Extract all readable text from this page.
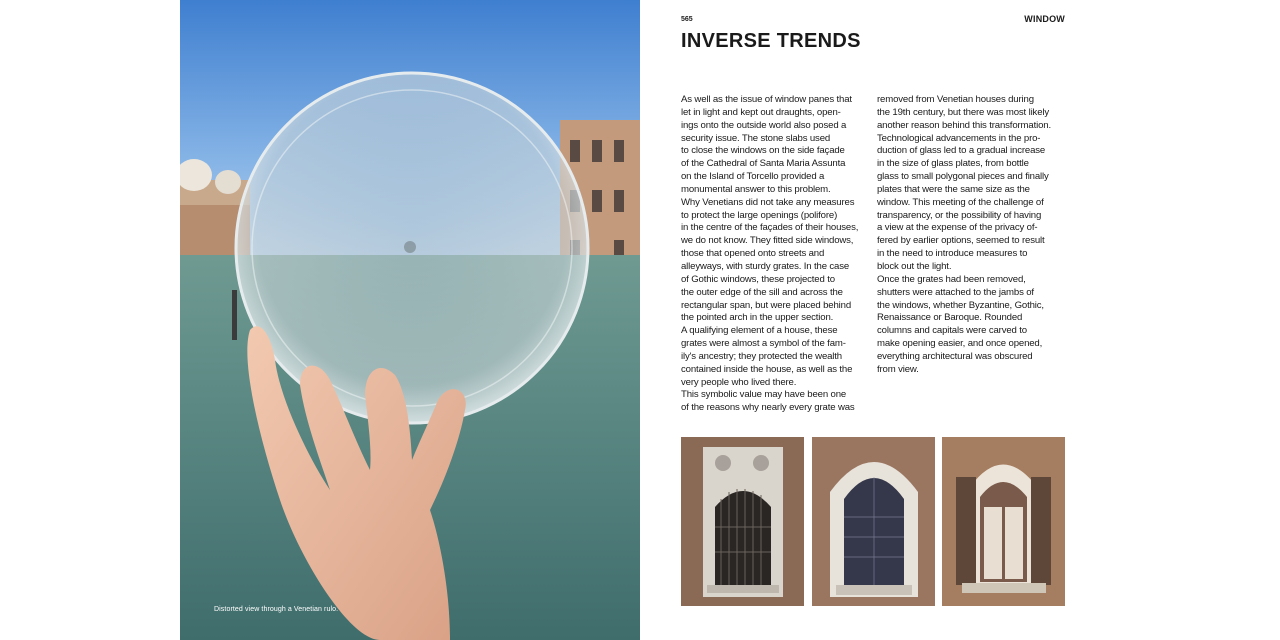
Distorted view through a Venetian rulo.
565	WINDOW
INVERSE TRENDS

As well as the issue of window panes that
let in light and kept out draughts, open-
ings onto the outside world also posed a
security issue. The stone slabs used
to close the windows on the side façade
of the Cathedral of Santa Maria Assunta
on the Island of Torcello provided a
monumental answer to this problem.
Why Venetians did not take any measures
to protect the large openings (polifore)
in the centre of the façades of their houses,
we do not know. They fitted side windows,
those that opened onto streets and
alleyways, with sturdy grates. In the case
of Gothic windows, these projected to
the outer edge of the sill and across the
rectangular span, but were placed behind
the pointed arch in the upper section.
A qualifying element of a house, these
grates were almost a symbol of the fam-
ily's ancestry; they protected the wealth
contained inside the house, as well as the
very people who lived there.
This symbolic value may have been one
of the reasons why nearly every grate was

removed from Venetian houses during
the 19th century, but there was most likely
another reason behind this transformation.
Technological advancements in the pro-
duction of glass led to a gradual increase
in the size of glass plates, from bottle
glass to small polygonal pieces and finally
plates that were the same size as the
window. This meeting of the challenge of
transparency, or the possibility of having
a view at the expense of the privacy of-
fered by earlier options, seemed to result
in the need to introduce measures to
block out the light.
Once the grates had been removed,
shutters were attached to the jambs of
the windows, whether Byzantine, Gothic,
Renaissance or Baroque. Rounded
columns and capitals were carved to
make opening easier, and once opened,
everything architectural was obscured
from view.
